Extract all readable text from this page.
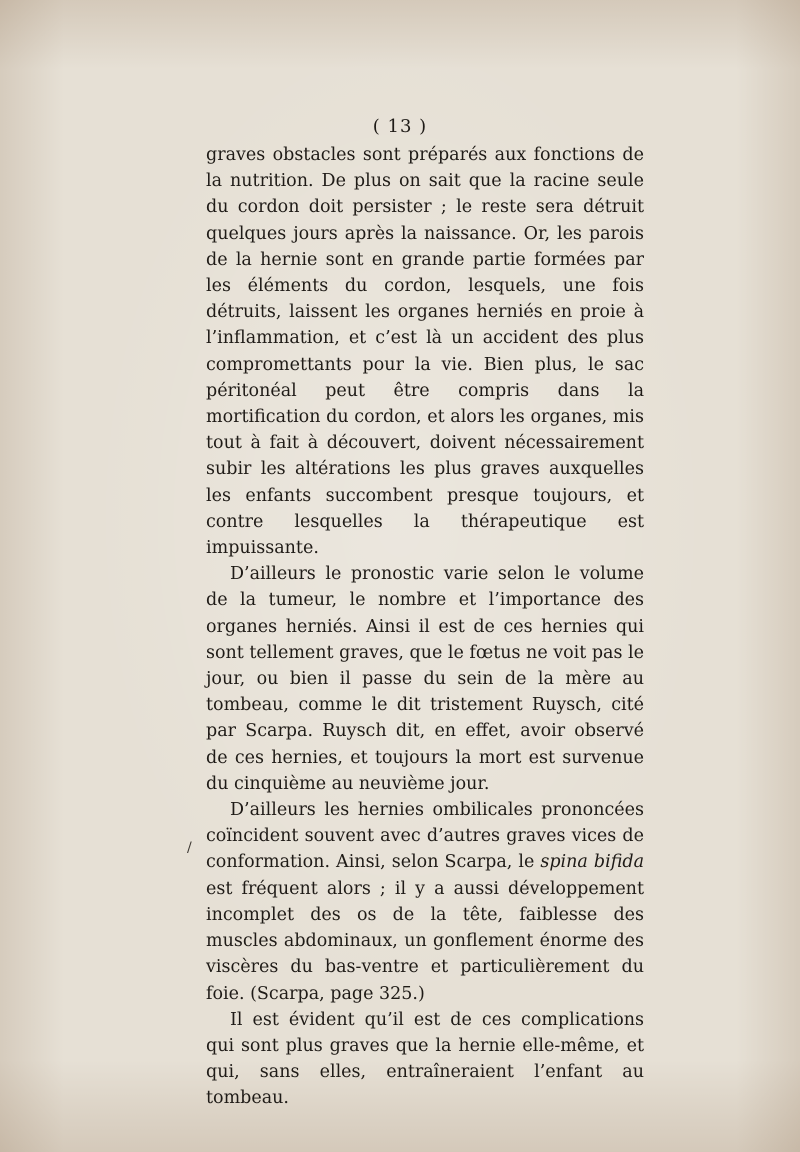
( 13 )

graves obstacles sont préparés aux fonctions de la nutrition. De plus on sait que la racine seule du cordon doit persister ; le reste sera détruit quelques jours après la naissance. Or, les parois de la hernie sont en grande partie formées par les éléments du cordon, lesquels, une fois détruits, laissent les organes herniés en proie à l’inflammation, et c’est là un accident des plus compromettants pour la vie. Bien plus, le sac péritonéal peut être compris dans la mortification du cordon, et alors les organes, mis tout à fait à découvert, doivent nécessairement subir les altérations les plus graves auxquelles les enfants succombent presque toujours, et contre lesquelles la thérapeutique est impuissante.

D’ailleurs le pronostic varie selon le volume de la tumeur, le nombre et l’importance des organes herniés. Ainsi il est de ces hernies qui sont tellement graves, que le fœtus ne voit pas le jour, ou bien il passe du sein de la mère au tombeau, comme le dit tristement Ruysch, cité par Scarpa. Ruysch dit, en effet, avoir observé de ces hernies, et toujours la mort est survenue du cinquième au neuvième jour.

D’ailleurs les hernies ombilicales prononcées coïncident souvent avec d’autres graves vices de conformation. Ainsi, selon Scarpa, le spina bifida est fréquent alors ; il y a aussi développement incomplet des os de la tête, faiblesse des muscles abdominaux, un gonflement énorme des viscères du bas-ventre et particulièrement du foie. (Scarpa, page 325.)

Il est évident qu’il est de ces complications qui sont plus graves que la hernie elle-même, et qui, sans elles, entraîneraient l’enfant au tombeau.

/
